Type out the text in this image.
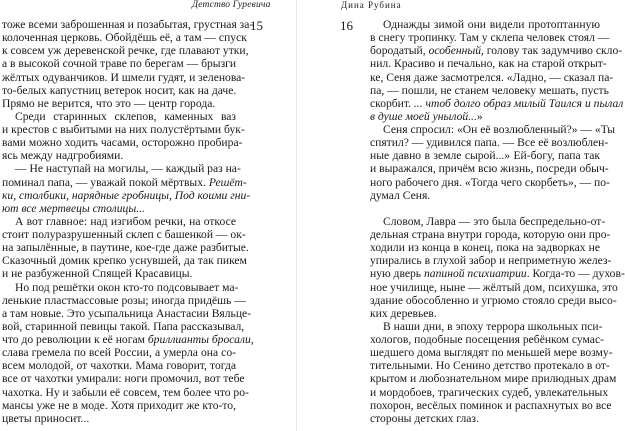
Детство Гуревича
15
тоже всеми заброшенная и позабытая, грустная за-
колоченная церковь. Обойдёшь её, а там — спуск
к совсем уж деревенской речке, где плавают утки,
а в высокой сочной траве по берегам — брызги
жёлтых одуванчиков. И шмели гудят, и зеленова-
то-белых капустниц ветерок носит, как на даче.
Прямо не верится, что это — центр города.
Среди старинных склепов, каменных ваз
и крестов с выбитыми на них полустёртыми бук-
вами можно ходить часами, осторожно пробира-
ясь между надгробиями.
— Не наступай на могилы, — каждый раз на-
поминал папа, — уважай покой мёртвых. Решёт-
ки, столбики, нарядные гробницы, Под коими гни-
ют все мертвецы столицы...
А вот главное: над изгибом речки, на откосе
стоит полуразрушенный склеп с башенкой — ок-
на запылённые, в паутине, кое-где даже разбитые.
Сказочный домик крепко уснувшей, да так пикем
и не разбуженной Спящей Красавицы.
Но под решётки окон кто-то подсовывает ма-
ленькие пластмассовые розы; иногда придёшь —
а там новые. Это усыпальница Анастасии Вяльце-
вой, старинной певицы такой. Папа рассказывал,
что до революции к её ногам бриллианты бросали,
слава гремела по всей России, а умерла она со-
всем молодой, от чахотки. Мама говорит, тогда
все от чахотки умирали: ноги промочил, вот тебе
чахотка. Ну и забыли её совсем, тем более что ро-
мансы уже не в моде. Хотя приходит же кто-то,
цветы приносит...
Дина Рубина
16	Однажды зимой они видели протоптанную
в снегу тропинку. Там у склепа человек стоял —
бородатый, особенный, голову так задумчиво скло-
нил. Красиво и печально, как на старой открыт-
ке, Сеня даже засмотрелся. «Ладно, — сказал па-
па, — пошли, не станем человеку мешать, пусть
скорбит. ... чтоб долго образ милый Таился и пылал
в душе моей унылой...»
Сеня спросил: «Он её возлюбленный?» — «Ты
спятил? — удивился папа. — Все её возлюблен-
ные давно в земле сырой...» Ей-богу, папа так
и выражался, причём всю жизнь, посреди обыч-
ного рабочего дня. «Тогда чего скорбеть», — по-
думал Сеня.
Словом, Лавра — это была беспредельно-от-
дельная страна внутри города, которую они про-
ходили из конца в конец, пока на задворках не
упирались в глухой забор и неприметную желез-
ную дверь папиной психиатрии. Когда-то — духов-
ное училище, ныне — жёлтый дом, психушка, это
здание обособленно и угрюмо стояло среди высо-
ких деревьев.
В наши дни, в эпоху террора школьных пси-
хологов, подобные посещения ребёнком сумас-
шедшего дома выглядят по меньшей мере возму-
тительными. Но Сенино детство протекало в от-
крытом и любознательном мире прилюдных драм
и мордобоев, трагических судеб, увлекательных
похорон, весёлых поминок и распахнутых во все
стороны детских глаз.
